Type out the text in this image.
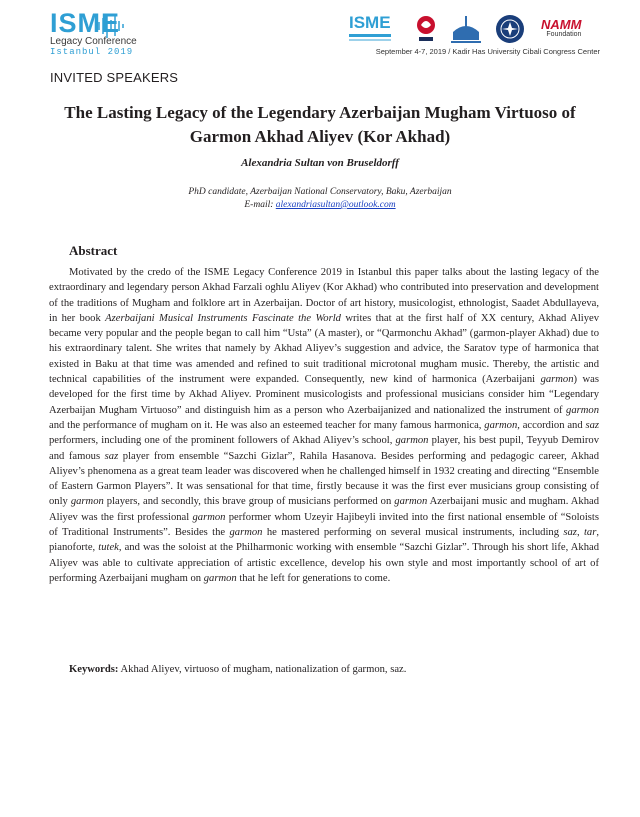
ISME
Legacy Conference
Istanbul 2019
INVITED SPEAKERS
ISME	NAMM
Foundation
September 4-7, 2019 / Kadir Has University Cibali Congress Center
The Lasting Legacy of the Legendary Azerbaijan Mugham Virtuoso of
Garmon Akhad Aliyev (Kor Akhad)
Alexandria Sultan von Bruseldorff
PhD candidate, Azerbaijan National Conservatory, Baku, Azerbaijan
E-mail: alexandriasultan@outlook.com
Abstract
Motivated by the credo of the ISME Legacy Conference 2019 in Istanbul this paper talks about the lasting legacy of the extraordinary and legendary person Akhad Farzali oghlu Aliyev (Kor Akhad) who contributed into preservation and development of the traditions of Mugham and folklore art in Azerbaijan. Doctor of art history, musicologist, ethnologist, Saadet Abdullayeva, in her book Azerbaijani Musical Instruments Fascinate the World writes that at the first half of XX century, Akhad Aliyev became very popular and the people began to call him “Usta” (A master), or “Qarmonchu Akhad” (garmon-player Akhad) due to his extraordinary talent. She writes that namely by Akhad Aliyev’s suggestion and advice, the Saratov type of harmonica that existed in Baku at that time was amended and refined to suit traditional microtonal mugham music. Thereby, the artistic and technical capabilities of the instrument were expanded. Consequently, new kind of harmonica (Azerbaijani garmon) was developed for the first time by Akhad Aliyev. Prominent musicologists and professional musicians consider him “Legendary Azerbaijan Mugham Virtuoso” and distinguish him as a person who Azerbaijanized and nationalized the instrument of garmon and the performance of mugham on it. He was also an esteemed teacher for many famous harmonica, garmon, accordion and saz performers, including one of the prominent followers of Akhad Aliyev’s school, garmon player, his best pupil, Teyyub Demirov and famous saz player from ensemble “Sazchi Gizlar”, Rahila Hasanova. Besides performing and pedagogic career, Akhad Aliyev’s phenomena as a great team leader was discovered when he challenged himself in 1932 creating and directing “Ensemble of Eastern Garmon Players”. It was sensational for that time, firstly because it was the first ever musicians group consisting of only garmon players, and secondly, this brave group of musicians performed on garmon Azerbaijani music and mugham. Akhad Aliyev was the first professional garmon performer whom Uzeyir Hajibeyli invited into the first national ensemble of “Soloists of Traditional Instruments”. Besides the garmon he mastered performing on several musical instruments, including saz, tar, pianoforte, tutek, and was the soloist at the Philharmonic working with ensemble “Sazchi Gizlar”. Through his short life, Akhad Aliyev was able to cultivate appreciation of artistic excellence, develop his own style and most importantly school of art of performing Azerbaijani mugham on garmon that he left for generations to come.
Keywords: Akhad Aliyev, virtuoso of mugham, nationalization of garmon, saz.
